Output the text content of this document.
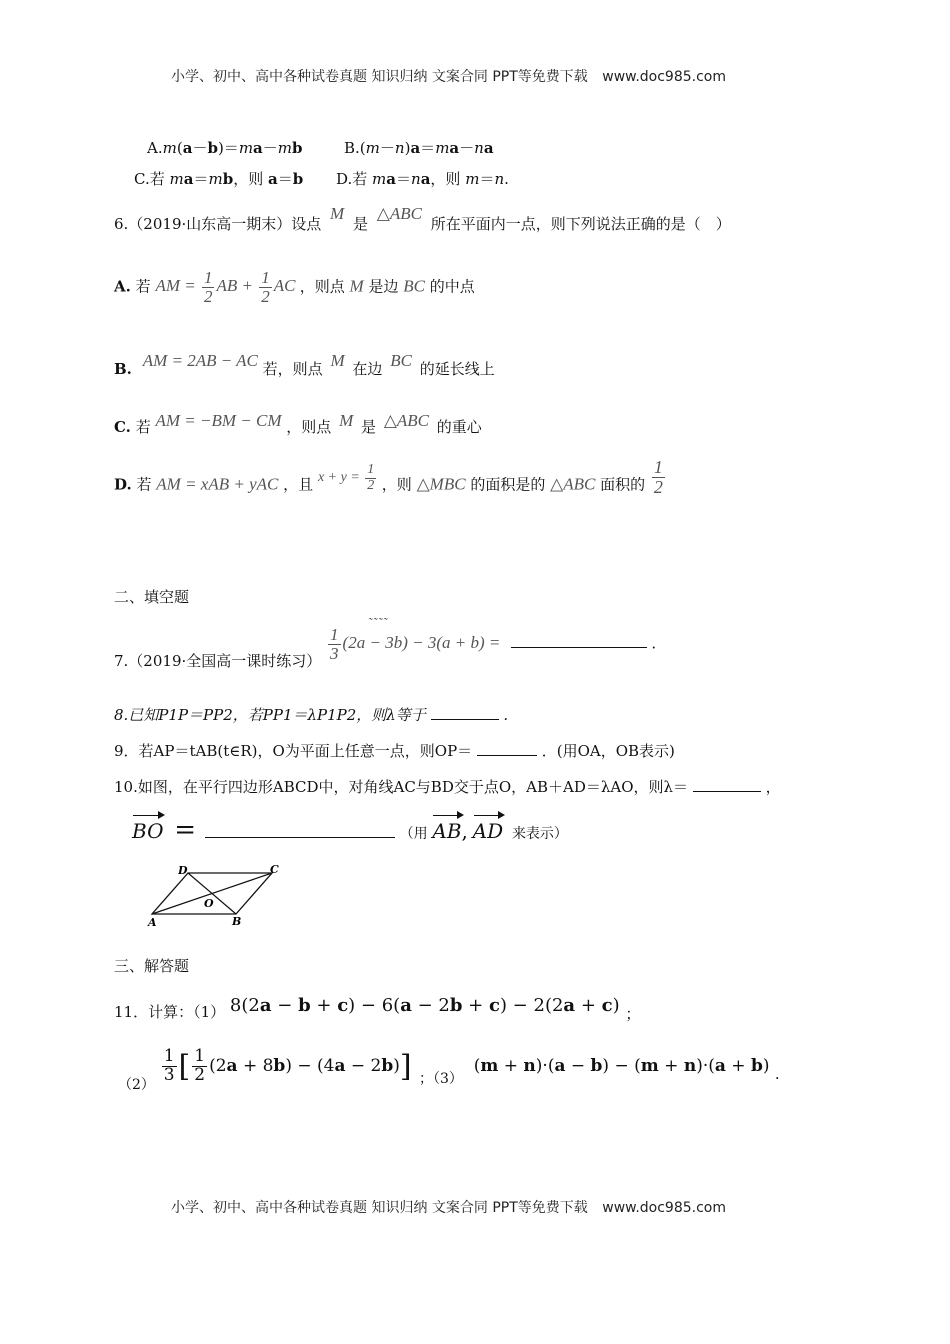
小学、初中、高中各种试卷真题 知识归纳 文案合同 PPT等免费下载 www.doc985.com
A.m(a－b)＝ma－mb	B.(m－n)a＝ma－na
C.若 ma＝mb，则 a＝b D.若 ma＝na，则 m＝n.
6.（2019·山东高一期末）设点 M 是 △ABC 所在平面内一点，则下列说法正确的是（　）
A. 若 AM = $\frac{1}{2}$ AB + $\frac{1}{2}$ AC ，则点 M 是边 BC 的中点
B. AM = 2AB − AC 若，则点 M 在边 BC 的延长线上
C. 若 AM = −BM − CM ，则点 M 是 △ABC 的重心
D. 若 AM = xAB + yAC ，且 $x + y = \frac{1}{2}$ ，则 △MBC 的面积是的 △ABC 面积的 $\frac{1}{2}$
二、填空题
7.（2019·全国高一课时练习）
˜˜˜˜
$\frac{1}{3} (2a - 3b) - 3(a + b)$ =	.
8.已知P1P＝PP2，若PP1＝λP1P2，则λ等于	.
9．若AP＝tAB(t∈R)，O为平面上任意一点，则OP＝	．(用OA，OB表示)
10.如图，在平行四边形ABCD中，对角线AC与BD交于点O，AB＋AD＝λAO，则λ＝	，
BO =	（用 AB, AD 来表示）
A	B
C
D
O
三、解答题
11．计算：（1） 8(2a − b + c) − 6(a − 2b + c) − 2(2a + c) ；
（2）
$\frac{1}{3}$ [ $\frac{1}{2} (2a + 8b) - (4a - 2b)$] ；（3） (m + n)·(a − b) − (m + n)·(a + b) .
小学、初中、高中各种试卷真题 知识归纳 文案合同 PPT等免费下载 www.doc985.com
